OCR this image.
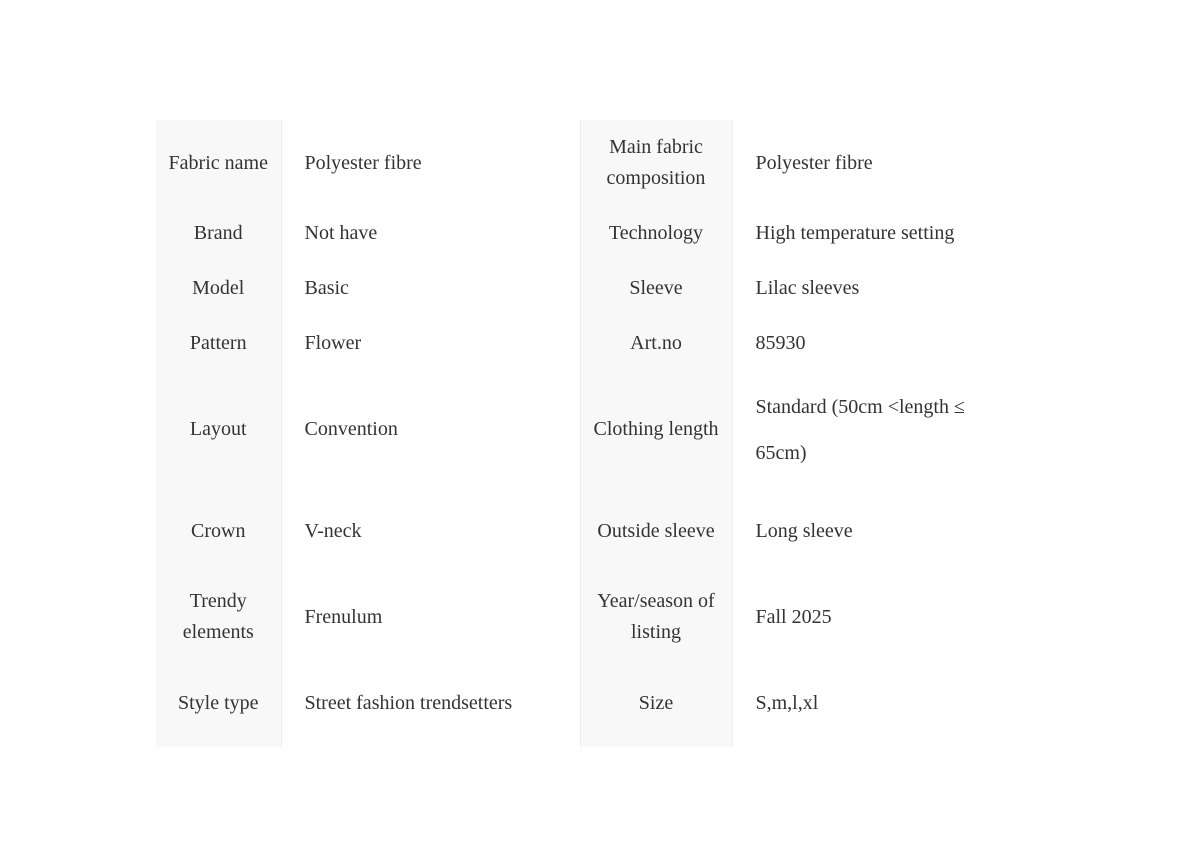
Fabric name	Polyester fibre	Main fabric composition	Polyester fibre
Brand	Not have	Technology	High temperature setting
Model	Basic	Sleeve	Lilac sleeves
Pattern	Flower	Art.no	85930
Layout	Convention	Clothing length	Standard (50cm <length ≤ 65cm)
Crown	V-neck	Outside sleeve	Long sleeve
Trendy elements	Frenulum	Year/season of listing	Fall 2025
Style type	Street fashion trendsetters	Size	S,m,l,xl
